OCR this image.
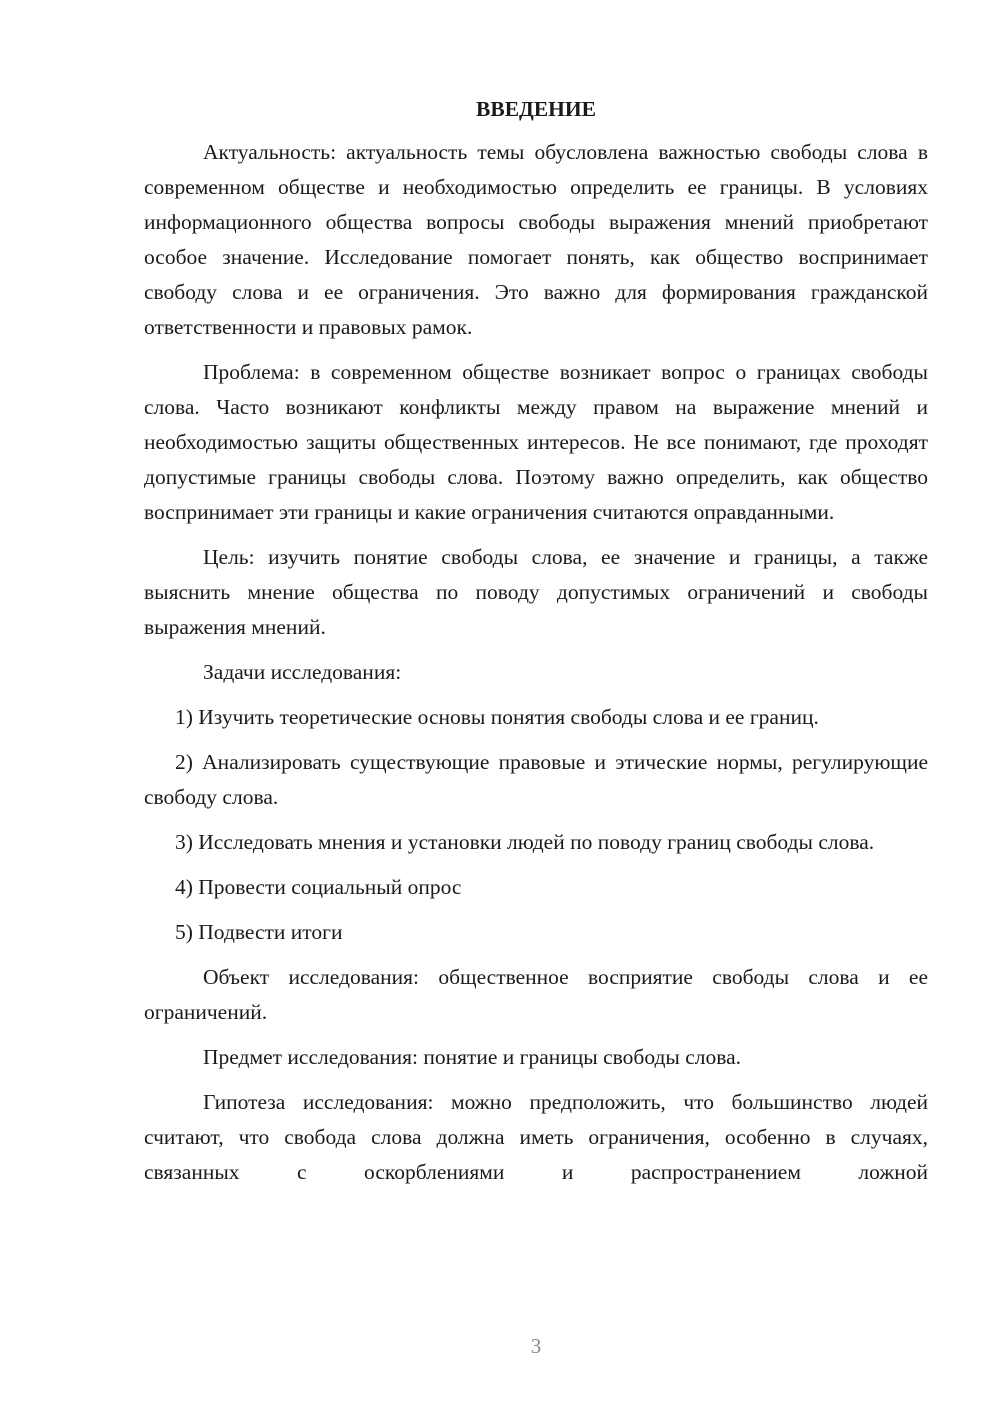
ВВЕДЕНИЕ

Актуальность: актуальность темы обусловлена важностью свободы слова в современном обществе и необходимостью определить ее границы. В условиях информационного общества вопросы свободы выражения мнений приобретают особое значение. Исследование помогает понять, как общество воспринимает свободу слова и ее ограничения. Это важно для формирования гражданской ответственности и правовых рамок.

Проблема: в современном обществе возникает вопрос о границах свободы слова. Часто возникают конфликты между правом на выражение мнений и необходимостью защиты общественных интересов. Не все понимают, где проходят допустимые границы свободы слова. Поэтому важно определить, как общество воспринимает эти границы и какие ограничения считаются оправданными.

Цель: изучить понятие свободы слова, ее значение и границы, а также выяснить мнение общества по поводу допустимых ограничений и свободы выражения мнений.

Задачи исследования:

1) Изучить теоретические основы понятия свободы слова и ее границ.

2) Анализировать существующие правовые и этические нормы, регулирующие свободу слова.

3) Исследовать мнения и установки людей по поводу границ свободы слова.

4) Провести социальный опрос

5) Подвести итоги

Объект исследования: общественное восприятие свободы слова и ее ограничений.

Предмет исследования: понятие и границы свободы слова.

Гипотеза исследования: можно предположить, что большинство людей считают, что свобода слова должна иметь ограничения, особенно в случаях, связанных с оскорблениями и распространением ложной

3
